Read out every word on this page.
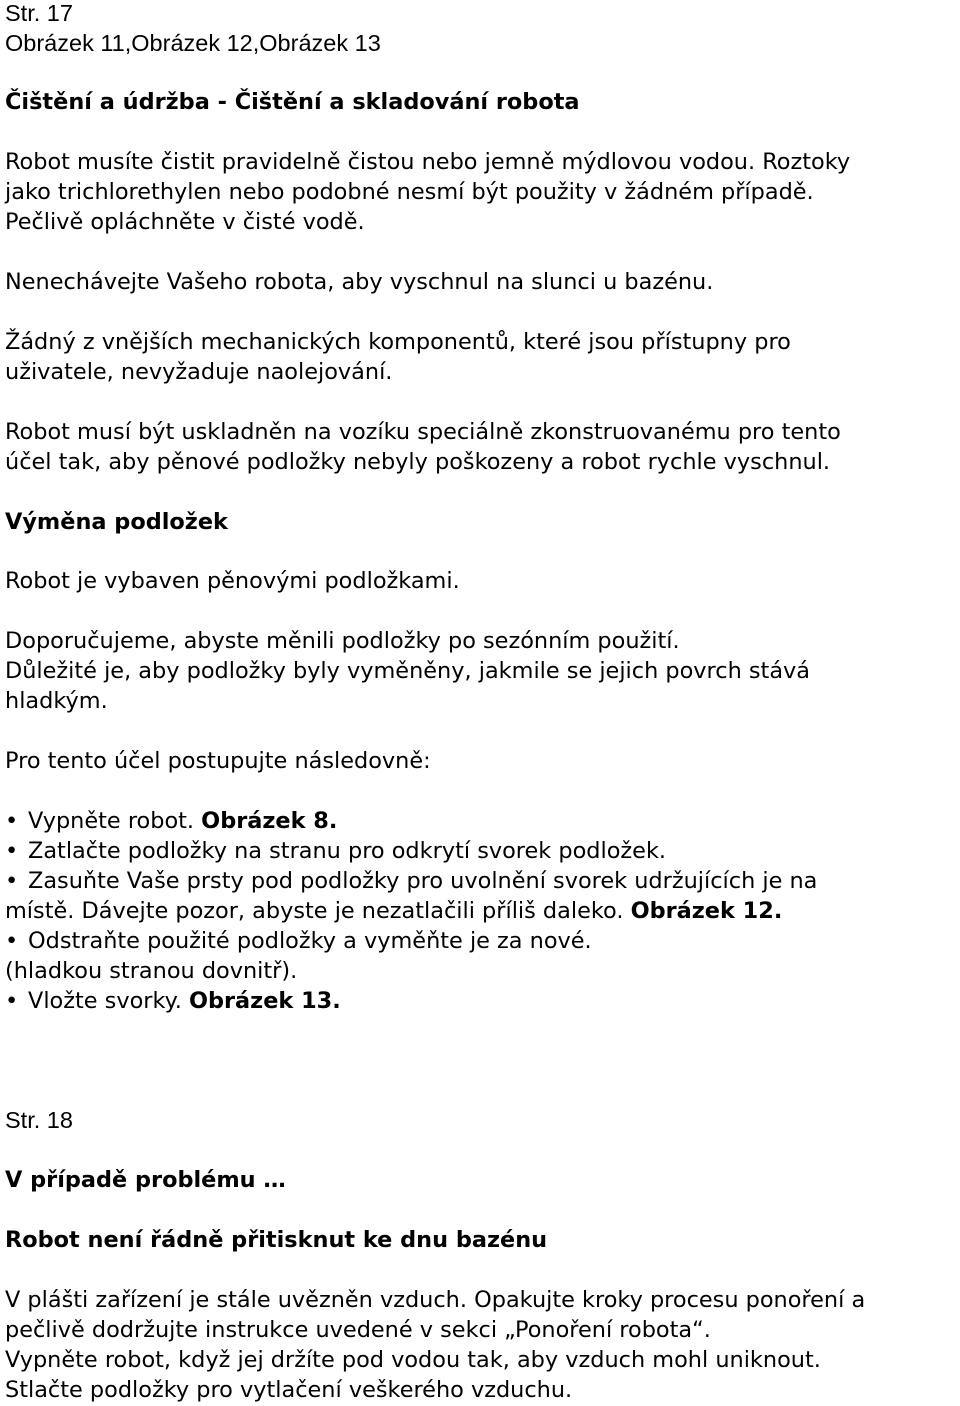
Str. 17
Obrázek 11,Obrázek 12,Obrázek 13
Čištění a údržba - Čištění a skladování robota
Robot musíte čistit pravidelně čistou nebo jemně mýdlovou vodou. Roztoky
jako trichlorethylen nebo podobné nesmí být použity v žádném případě.
Pečlivě opláchněte v čisté vodě.
Nenechávejte Vašeho robota, aby vyschnul na slunci u bazénu.
Žádný z vnějších mechanických komponentů, které jsou přístupny pro
uživatele, nevyžaduje naolejování.
Robot musí být uskladněn na vozíku speciálně zkonstruovanému pro tento
účel tak, aby pěnové podložky nebyly poškozeny a robot rychle vyschnul.
Výměna podložek
Robot je vybaven pěnovými podložkami.
Doporučujeme, abyste měnili podložky po sezónním použití.
Důležité je, aby podložky byly vyměněny, jakmile se jejich povrch stává
hladkým.
Pro tento účel postupujte následovně:
• Vypněte robot. Obrázek 8.
• Zatlačte podložky na stranu pro odkrytí svorek podložek.
• Zasuňte Vaše prsty pod podložky pro uvolnění svorek udržujících je na
místě. Dávejte pozor, abyste je nezatlačili příliš daleko. Obrázek 12.
• Odstraňte použité podložky a vyměňte je za nové.
(hladkou stranou dovnitř).
• Vložte svorky. Obrázek 13.
Str. 18
V případě problému …
Robot není řádně přitisknut ke dnu bazénu
V plášti zařízení je stále uvězněn vzduch. Opakujte kroky procesu ponoření a
pečlivě dodržujte instrukce uvedené v sekci „Ponoření robota“.
Vypněte robot, když jej držíte pod vodou tak, aby vzduch mohl uniknout.
Stlačte podložky pro vytlačení veškerého vzduchu.
